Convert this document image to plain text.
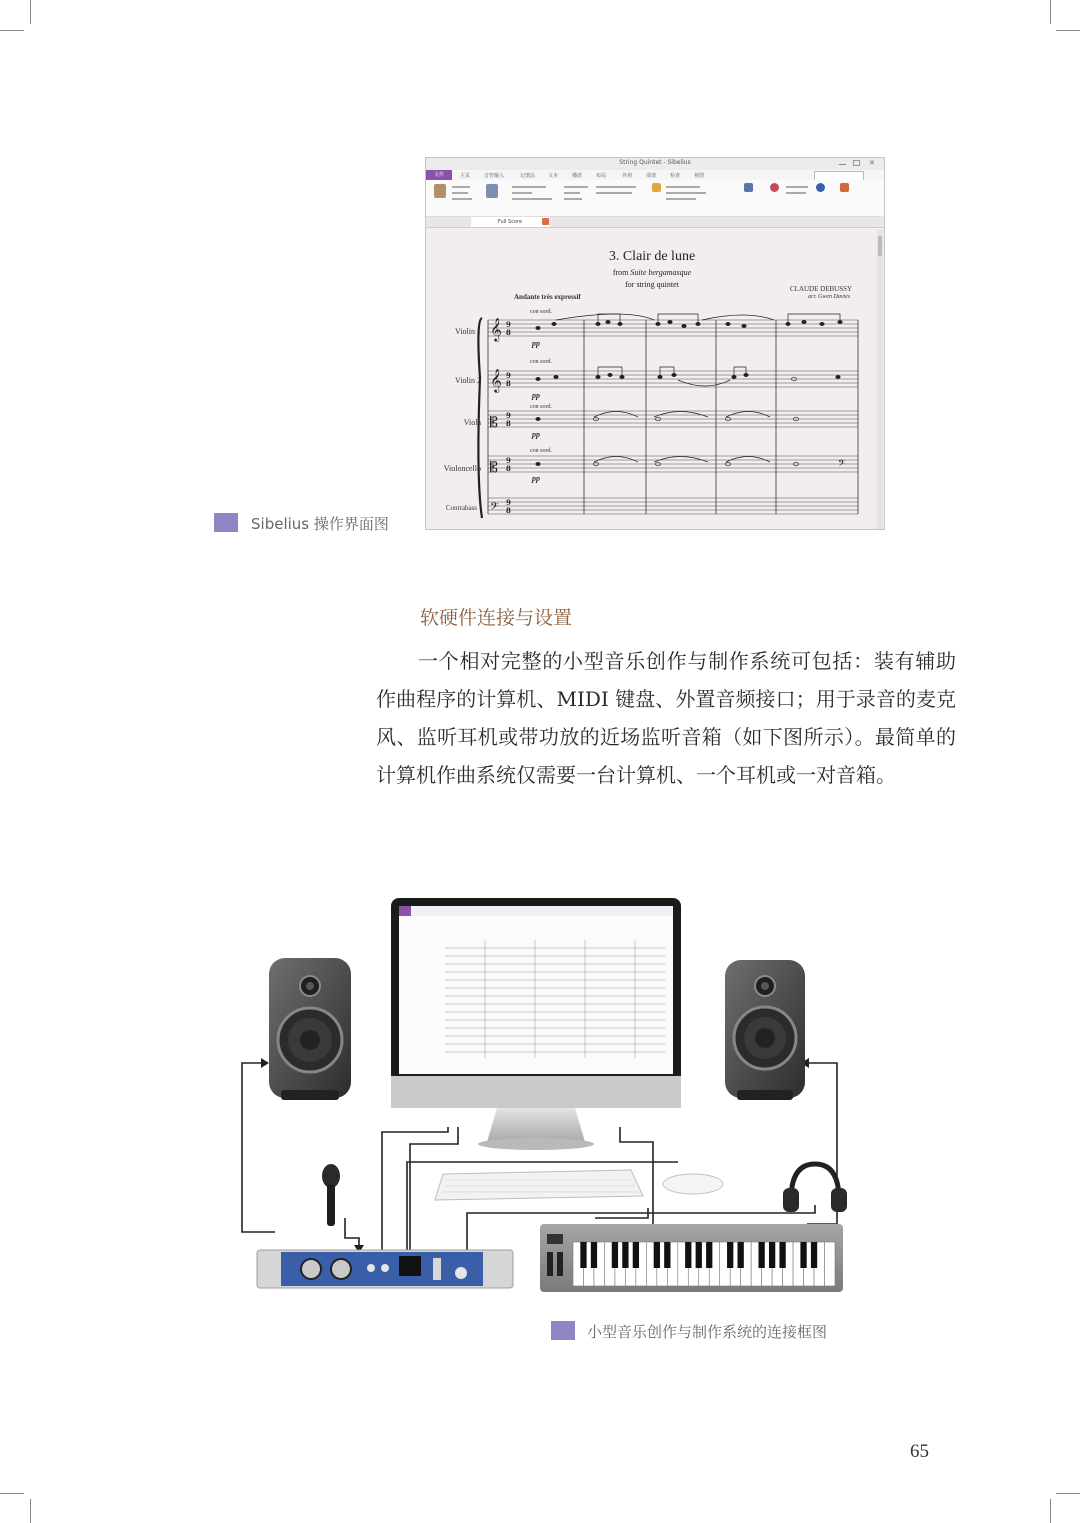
String Quintet - Sibelius	✕
文件	主页	音符输入	记谱法	文本	播放	布局	外观	部谱	检查	视图
Full Score
3. Clair de lune
from Suite bergamasque
for string quintet	CLAUDE DEBUSSY
arr. Gwen Davies
Andante très expressif
Violin 1
Violin 2
Viola
Violoncello
Contrabass
con sord.
con sord.
con sord.
con sord.
pp
pp
pp
pp
𝄞
𝄞
𝄡
𝄡
𝄢
9
8
9
8
9
8
9
8
9
8
𝄢
Sibelius 操作界面图
软硬件连接与设置

一个相对完整的小型音乐创作与制作系统可包括：装有辅助作曲程序的计算机、MIDI 键盘、外置音频接口；用于录音的麦克风、监听耳机或带功放的近场监听音箱（如下图所示）。最简单的计算机作曲系统仅需要一台计算机、一个耳机或一对音箱。

小型音乐创作与制作系统的连接框图
65
